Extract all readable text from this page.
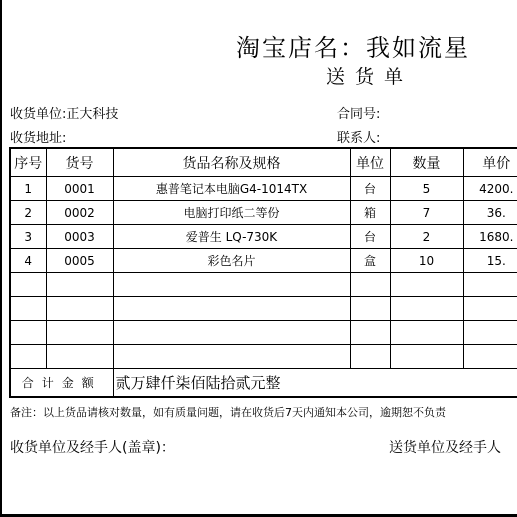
淘宝店名：我如流星
送货单
收货单位:正大科技
收货地址:
合同号:
联系人:
序号	货号	货品名称及规格	单位	数量	单价
1	0001	惠普笔记本电脑G4-1014TX	台	5	4200.
2	0002	电脑打印纸二等份	箱	7	36.
3	0003	爱普生 LQ-730K	台	2	1680.
4	0005	彩色名片	盒	10	15.

合计金额		贰万肆仟柒佰陆拾贰元整			
备注：以上货品请核对数量，如有质量问题，请在收货后7天内通知本公司，逾期恕不负责
收货单位及经手人(盖章)：	送货单位及经手人
